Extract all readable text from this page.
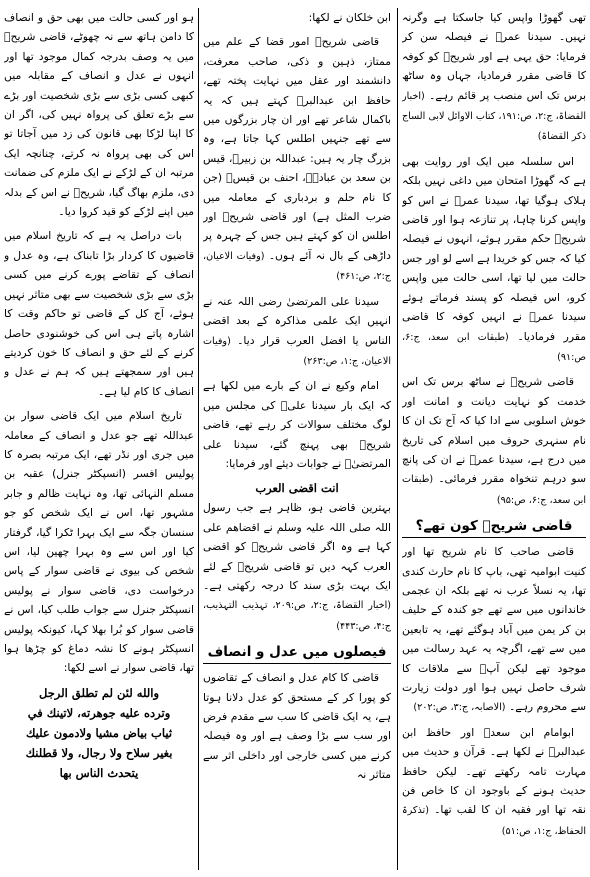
تھی گھوڑا واپس کیا جاسکتا ہے وگرنہ نہیں۔ سیدنا عمرؓ نے فیصلہ سن کر فرمایا: حق یہی ہے اور شریحؒ کو کوفہ کا قاضی مقرر فرمادیا، جہاں وہ ساٹھ برس تک اس منصب پر قائم رہے۔ (اخبار القضاۃ، ج:۲، ص:۱۹۱، کتاب الاوائل لابی الساج ذکر القضاۃ)

اس سلسلہ میں ایک اور روایت بھی ہے کہ گھوڑا امتحان میں داغی نہیں بلکہ ہلاک ہوگیا تھا، سیدنا عمرؓ نے اس کو واپس کرنا چاہا، پر تنازعہ ہوا اور قاضی شریحؒ حکم مقرر ہوئے، انہوں نے فیصلہ کیا کہ جس کو خریدا ہے اسے لو اور جس حالت میں لیا تھا، اسی حالت میں واپس کرو، اس فیصلہ کو پسند فرماتے ہوئے سیدنا عمرؓ نے انہیں کوفہ کا قاضی مقرر فرمادیا۔ (طبقات ابن سعد، ج:۶، ص:۹۱)

قاضی شریحؒ نے ساٹھ برس تک اس خدمت کو نہایت دیانت و امانت اور خوش اسلوبی سے ادا کیا کہ آج تک ان کا نام سنہری حروف میں اسلام کی تاریخ میں درج ہے، سیدنا عمرؓ نے ان کی پانچ سو درہم تنخواہ مقرر فرمائی۔ (طبقات ابن سعد، ج:۶، ص:۹۵)

قاضی شریحؒ کون تھے؟

قاضی صاحب کا نام شریح تھا اور کنیت ابوامیہ تھی، باپ کا نام حارث کندی تھا، یہ نسلاً عرب نہ تھے بلکہ ان عجمی خاندانوں میں سے تھے جو کندہ کے حلیف بن کر یمن میں آباد ہوگئے تھے، یہ تابعین میں سے تھے، اگرچہ یہ عہد رسالت میں موجود تھے لیکن آپؐ سے ملاقات کا شرف حاصل نہیں ہوا اور دولت زیارت سے محروم رہے۔ (الاصابہ، ج:۳، ص:۲۰۲)

ابوامام ابن سعدؒ اور حافظ ابن عبدالبرؒ نے لکھا ہے۔ قرآن و حدیث میں مہارت تامہ رکھتے تھے۔ لیکن حافظ حدیث ہونے کے باوجود ان کا خاص فن نقہ تھا اور فقیہ ان کا لقب تھا۔ (تذکرۃ الحفاظ، ج:۱، ص:۵۱)

ابن خلکان نے لکھا:

قاضی شریحؒ امور قضا کے علم میں ممتاز، ذہین و ذکی، صاحب معرفت، دانشمند اور عقل میں نہایت پختہ تھے، حافظ ابن عبدالبرؒ کہتے ہیں کہ یہ باکمال شاعر تھے اور ان چار بزرگوں میں سے تھے جنہیں اطلس کہا جاتا ہے، وہ بزرگ چار یہ ہیں: عبداللہ بن زبیرؓ، قیس بن سعد بن عبادہؓ، احنف بن قیسؓ (جن کا نام حلم و بردباری کے معاملہ میں ضرب المثل ہے) اور قاضی شریحؒ اور اطلس ان کو کہتے ہیں جس کے چہرہ پر داڑھی کے بال نہ آئے ہوں۔ (وفیات الاعیان، ج:۲، ص:۴۶۱)

سیدنا علی المرتضیٰ رضی اللہ عنہ نے انہیں ایک علمی مذاکرہ کے بعد اقضی الناس یا افضل العرب قرار دیا۔ (وفیات الاعیان، ج:۱، ص:۲۶۳)

امام وکیع نے ان کے بارے میں لکھا ہے کہ ایک بار سیدنا علیؓ کی مجلس میں لوگ مختلف سوالات کر رہے تھے، قاضی شریحؒ بھی پہنچ گئے، سیدنا علی المرتضیٰؓ نے جوابات دیئے اور فرمایا:

انت اقضی العرب

بہترین قاضی ہو، ظاہر ہے جب رسول اللہ صلی اللہ علیہ وسلم نے اقضاھم علی کہا ہے وہ اگر قاضی شریحؒ کو اقضی العرب کہہ دیں تو قاضی شریحؒ کے لئے ایک بہت بڑی سند کا درجہ رکھتی ہے۔ (اخبار القضاۃ، ج:۲، ص:۲۰۹، تہذیب التہذیب، ج:۴، ص:۴۴۳)

فیصلوں میں عدل و انصاف

قاضی کا کام عدل و انصاف کے تقاضوں کو پورا کر کے مستحق کو عدل دلانا ہوتا ہے، یہ ایک قاضی کا سب سے مقدم فرض اور سب سے بڑا وصف ہے اور وہ فیصلہ کرنے میں کسی خارجی اور داخلی اثر سے متاثر نہ

ہو اور کسی حالت میں بھی حق و انصاف کا دامن ہاتھ سے نہ چھوٹے، قاضی شریحؒ میں یہ وصف بدرجہ کمال موجود تھا اور انہوں نے عدل و انصاف کے مقابلہ میں کبھی کسی بڑی سے بڑی شخصیت اور بڑے سے بڑے تعلق کی پرواہ نہیں کی، اگر ان کا اپنا لڑکا بھی قانون کی زد میں آجاتا تو اس کی بھی پرواہ نہ کرتے، چنانچہ ایک مرتبہ ان کے لڑکے نے ایک ملزم کی ضمانت دی، ملزم بھاگ گیا، شریحؒ نے اس کے بدلہ میں اپنے لڑکے کو قید کروا دیا۔

بات دراصل یہ ہے کہ تاریخ اسلام میں قاضیوں کا کردار بڑا تابناک ہے، وہ عدل و انصاف کے تقاضے پورے کرنے میں کسی بڑی سے بڑی شخصیت سے بھی متاثر نہیں ہوئے، آج کل کے قاضی تو حاکم وقت کا اشارہ پاتے ہی اس کی خوشنودی حاصل کرنے کے لئے حق و انصاف کا خون کردیتے ہیں اور سمجھتے ہیں کہ ہم نے عدل و انصاف کا کام لیا ہے۔

تاریخ اسلام میں ایک قاضی سوار بن عبداللہ تھے جو عدل و انصاف کے معاملہ میں جری اور نڈر تھے، ایک مرتبہ بصرہ کا پولیس افسر (انسپکٹر جنرل) عقبہ بن مسلم النہائی تھا، وہ نہایت ظالم و جابر مشہور تھا، اس نے ایک شخص کو جو سنسان جگہ سے ایک بہرا ٹکرا گیا، گرفتار کیا اور اس سے وہ بہرا چھین لیا، اس شخص کی بیوی نے قاضی سوار کے پاس درخواست دی، قاضی سوار نے پولیس انسپکٹر جنرل سے جواب طلب کیا، اس نے قاضی سوار کو بُرا بھلا کہا، کیونکہ پولیس انسپکٹر ہونے کا نشہ دماغ کو چڑھا ہوا تھا، قاضی سوار نے اسے لکھا:

والله لئن لم تطلق الرجل
وترده عليه جوهرته، لاتينك في
ثياب بياض مشيا ولادمون عليك
بغير سلاح ولا رجال، ولا قطلنك
يتحدث الناس بها
